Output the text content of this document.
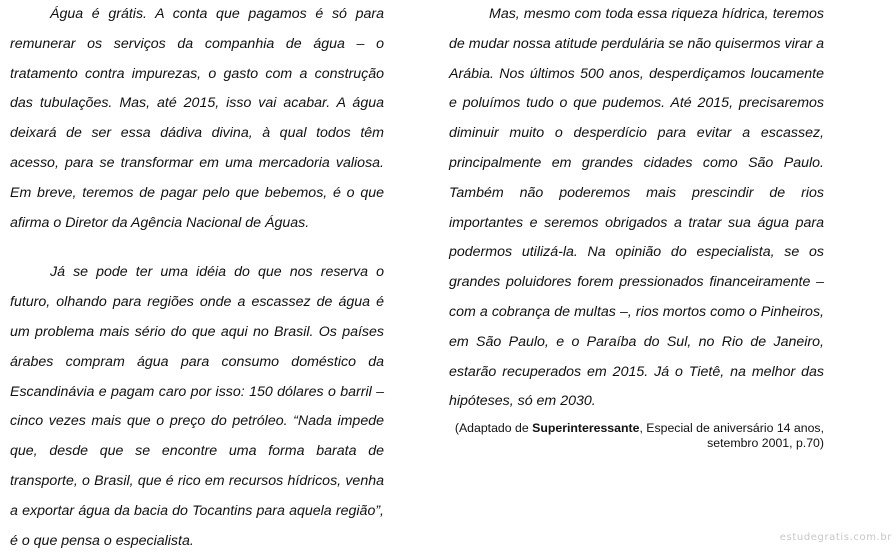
Água é grátis. A conta que pagamos é só para remunerar os serviços da companhia de água – o tratamento contra impurezas, o gasto com a construção das tubulações. Mas, até 2015, isso vai acabar. A água deixará de ser essa dádiva divina, à qual todos têm acesso, para se transformar em uma mercadoria valiosa. Em breve, teremos de pagar pelo que bebemos, é o que afirma o Diretor da Agência Nacional de Águas.

Já se pode ter uma idéia do que nos reserva o futuro, olhando para regiões onde a escassez de água é um problema mais sério do que aqui no Brasil. Os países árabes compram água para consumo doméstico da Escandinávia e pagam caro por isso: 150 dólares o barril – cinco vezes mais que o preço do petróleo. “Nada impede que, desde que se encontre uma forma barata de transporte, o Brasil, que é rico em recursos hídricos, venha a exportar água da bacia do Tocantins para aquela região”, é o que pensa o especialista.

Mas, mesmo com toda essa riqueza hídrica, teremos de mudar nossa atitude perdulária se não quisermos virar a Arábia. Nos últimos 500 anos, desperdiçamos loucamente e poluímos tudo o que pudemos. Até 2015, precisaremos diminuir muito o desperdício para evitar a escassez, principalmente em grandes cidades como São Paulo. Também não poderemos mais prescindir de rios importantes e seremos obrigados a tratar sua água para podermos utilizá-la. Na opinião do especialista, se os grandes poluidores forem pressionados financeiramente – com a cobrança de multas –, rios mortos como o Pinheiros, em São Paulo, e o Paraíba do Sul, no Rio de Janeiro, estarão recuperados em 2015. Já o Tietê, na melhor das hipóteses, só em 2030.

(Adaptado de Superinteressante, Especial de aniversário 14 anos,
setembro 2001, p.70)
estudegratis.com.br
